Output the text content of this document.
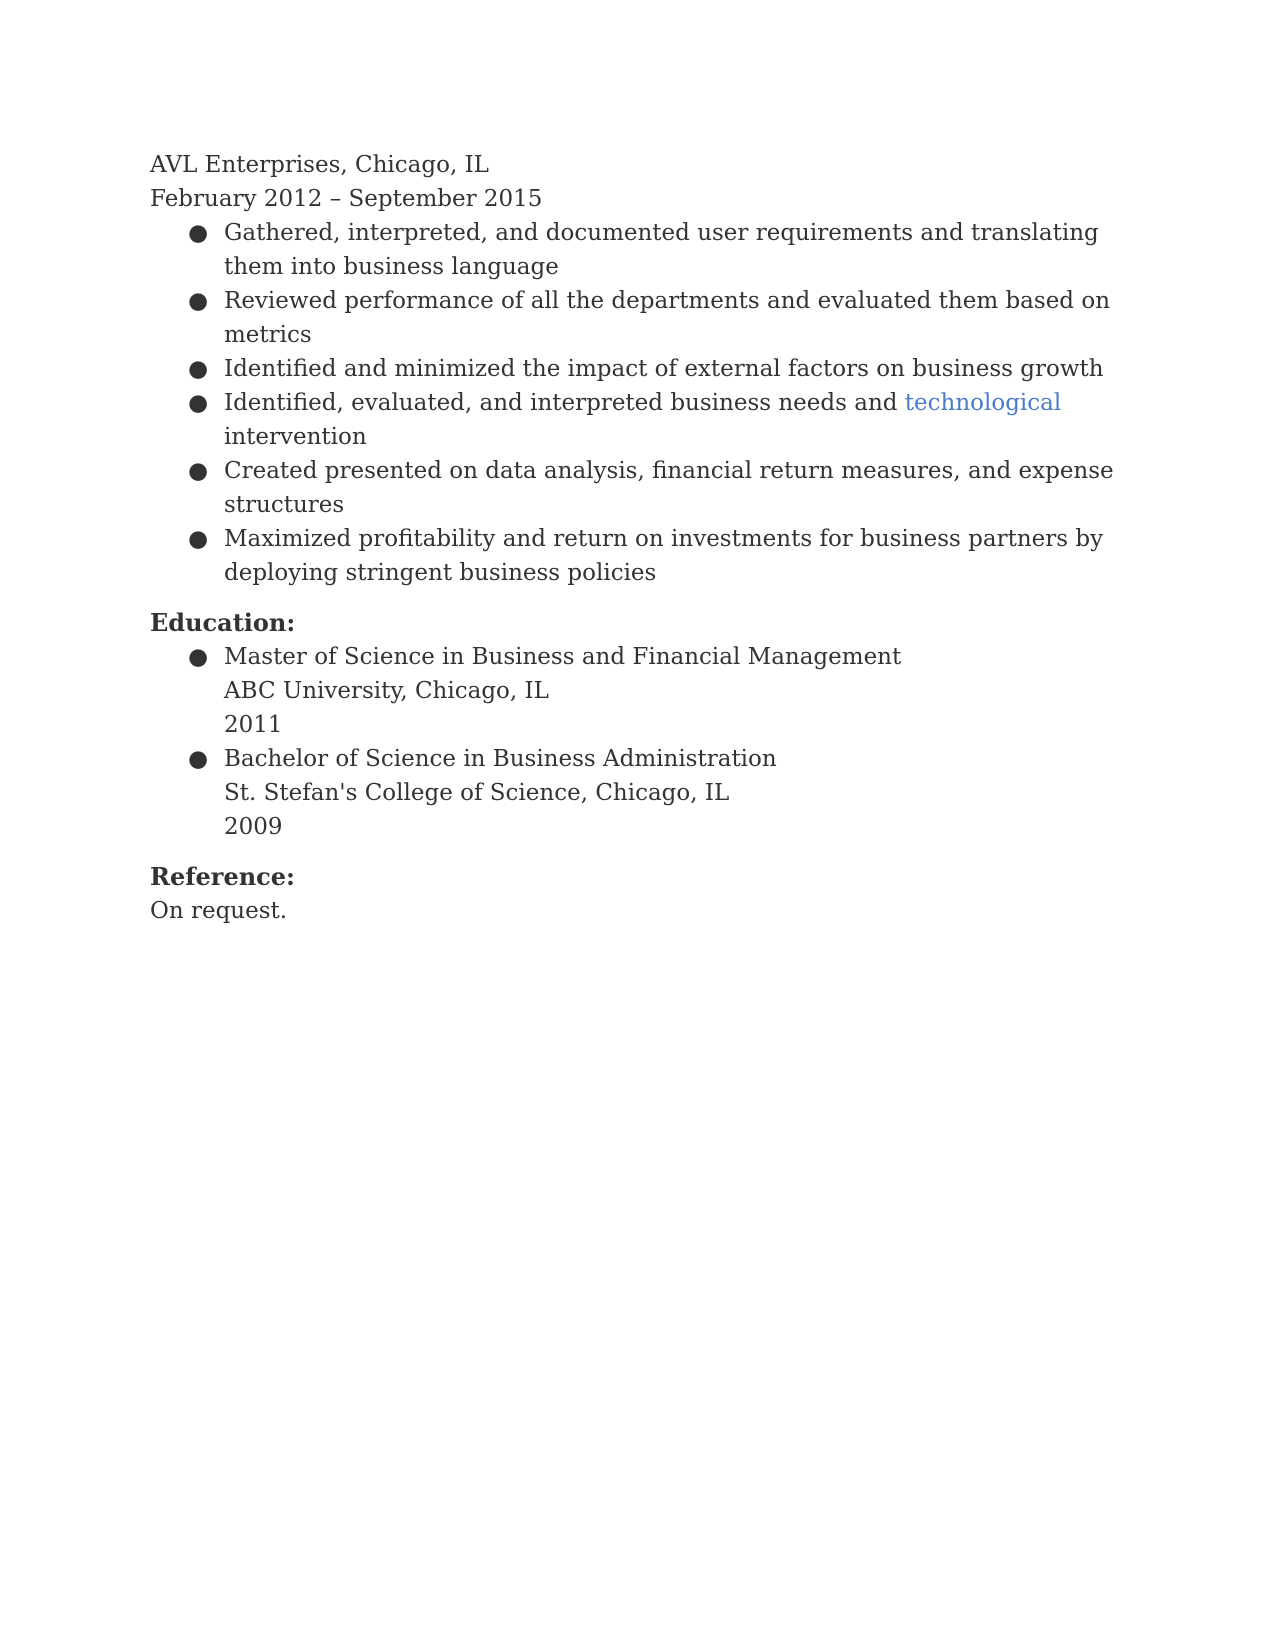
AVL Enterprises, Chicago, IL

February 2012 – September 2015

● Gathered, interpreted, and documented user requirements and translating them into business language
● Reviewed performance of all the departments and evaluated them based on metrics
● Identified and minimized the impact of external factors on business growth
● Identified, evaluated, and interpreted business needs and technological
intervention
● Created presented on data analysis, financial return measures, and expense structures
● Maximized profitability and return on investments for business partners by deploying stringent business policies
Education:
● Master of Science in Business and Financial Management
ABC University, Chicago, IL
2011
● Bachelor of Science in Business Administration
St. Stefan's College of Science, Chicago, IL
2009
Reference:

On request.
